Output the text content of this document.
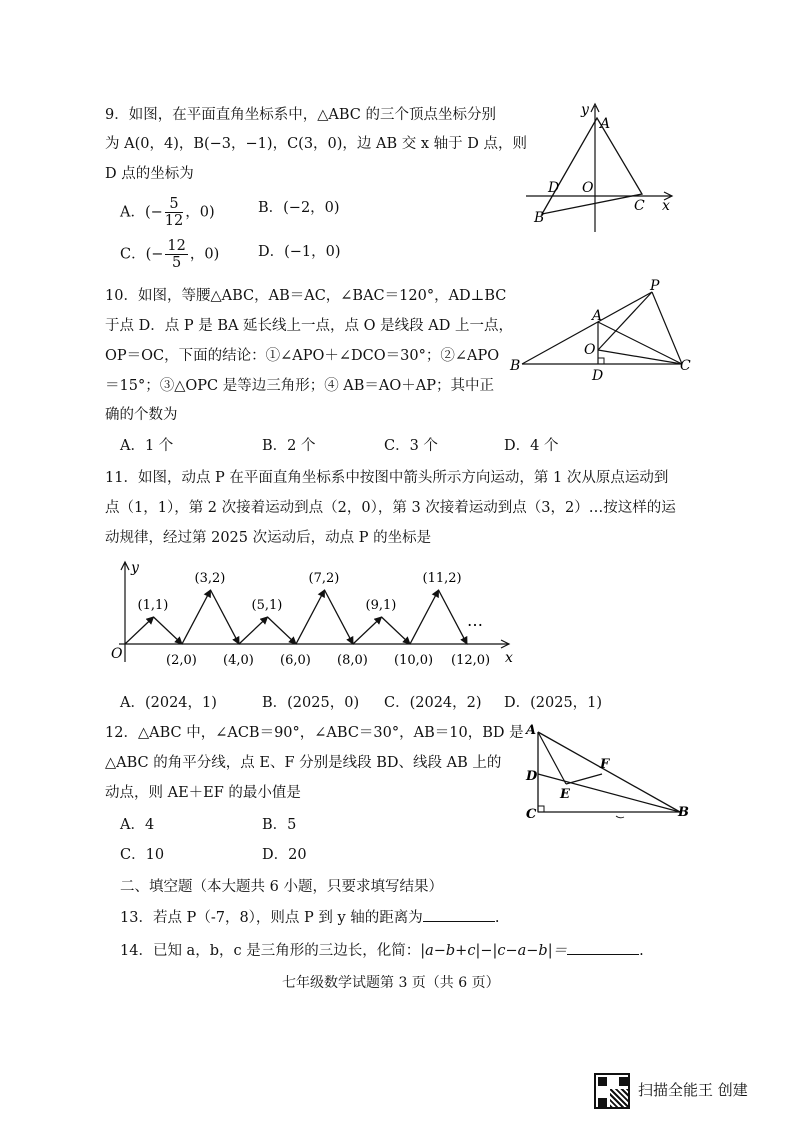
9．如图，在平面直角坐标系中，△ABC 的三个顶点坐标分别
为 A(0，4)，B(−3，−1)，C(3，0)，边 AB 交 x 轴于 D 点，则
D 点的坐标为
A．(− $\frac{5}{12}$ ，0)	B．(−2，0)
C．(− $\frac{12}{5}$ ，0)	D．(−1，0)
y
A
D O
B
C x
10．如图，等腰△ABC，AB＝AC，∠BAC＝120°，AD⊥BC
于点 D．点 P 是 BA 延长线上一点，点 O 是线段 AD 上一点，
OP＝OC，下面的结论：①∠APO＋∠DCO＝30°；②∠APO
＝15°；③△OPC 是等边三角形；④ AB＝AO＋AP；其中正
确的个数为
A．1 个	B．2 个	C．3 个	D．4 个
P
A
O
B
D
C
11．如图，动点 P 在平面直角坐标系中按图中箭头所示方向运动，第 1 次从原点运动到
点（1，1），第 2 次接着运动到点（2，0），第 3 次接着运动到点（3，2）…按这样的运
动规律，经过第 2025 次运动后，动点 P 的坐标是
(1,1)
(3,2)
(5,1)
(7,2)
(9,1)
(11,2)
(2,0) (4,0) (6,0) (8,0) (10,0) (12,0)
y
O	x
…
A．(2024，1)	B．(2025，0) C．(2024，2) D．(2025，1)
12．△ABC 中，∠ACB＝90°，∠ABC＝30°，AB＝10，BD 是
△ABC 的角平分线，点 E、F 分别是线段 BD、线段 AB 上的
动点，则 AE＋EF 的最小值是
A．4	B．5
C．10	D．20
A
D
E
F
C	B
二、填空题（本大题共 6 小题，只要求填写结果）
13．若点 P（-7，8），则点 P 到 y 轴的距离为	.
14．已知 a，b，c 是三角形的三边长，化简：|a−b+c|−|c−a−b|＝	.
七年级数学试题第 3 页（共 6 页）
扫描全能王 创建
